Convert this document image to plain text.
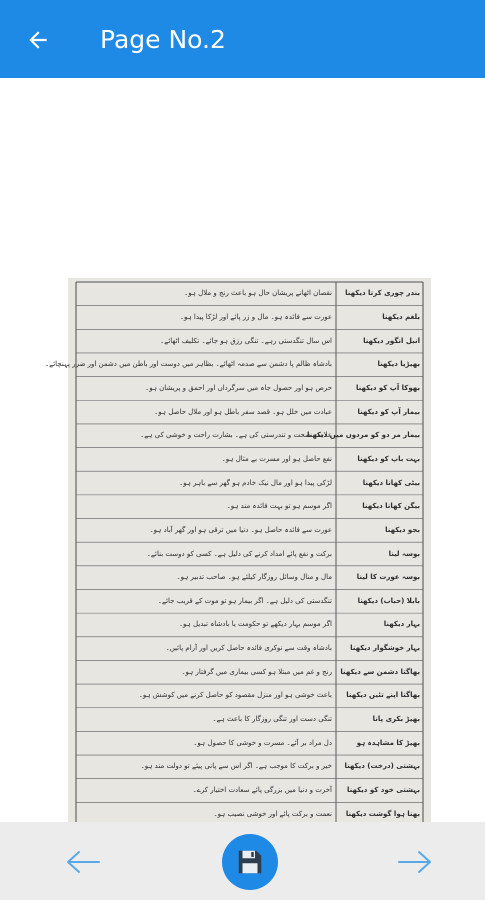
Page No.2
بندر چوری کرتا دیکھنا
نقصان اٹھانے پریشان حال ہو باعث رنج و ملال ہو۔
بلغم دیکھنا
عورت سے فائدہ ہو۔ مال و زر پائے اور لڑکا پیدا ہو۔
انبل انگور دیکھنا
اس سال تنگدستی رہے۔ تنگی رزق ہو جائے۔ تکلیف اٹھائے۔
بھیڑیا دیکھنا
بادشاہ ظالم پا دشمن سے صدمہ اٹھائے۔ بظاہر میں دوست اور باطن میں دشمن اور ضرر پہنچائے۔
بھوکا آپ کو دیکھنا
حرص ہو اور حصول جاہ میں سرگرداں اور احمق و پریشان ہو۔
بیمار آپ کو دیکھنا
عبادت میں خلل ہو۔ قصد سفر باطل ہو اور ملال حاصل ہو۔
بیمار مر دو کو مردوں میں دیکھنا
علامت صحت و تندرستی کی ہے۔ بشارت راحت و خوشی کی ہے۔
بہت باپ کو دیکھنا
نفع حاصل ہو اور مسرت بے مثال ہو۔
بیٹی کھانا دیکھنا
لڑکی پیدا ہو اور مال نیک خادم ہو گھر سے باہر ہو۔
بیگن کھانا دیکھنا
اگر موسم ہو تو بہت فائدہ مند ہو۔
بجو دیکھنا
عورت سے فائدہ حاصل ہو۔ دنیا میں ترقی ہو اور گھر آباد ہو۔
بوسہ لینا
برکت و نفع پائے امداد کرنے کی دلیل ہے۔ کسی کو دوست بنائے۔
بوسہ عورت کا لینا
مال و منال وسائل روزگار کیلئے ہو۔ صاحب تدبیر ہو۔
بابلا (حباب) دیکھنا
تنگدستی کی دلیل ہے۔ اگر بیمار ہو تو موت کے قریب جائے۔
بہار دیکھنا
اگر موسم بہار دیکھے تو حکومت یا بادشاہ تبدیل ہو۔
بہار خوشگوار دیکھنا
بادشاہ وقت سے نوکری فائدہ حاصل کریں اور آرام پائیں۔
بھاگتا دشمن سے دیکھنا
رنج و غم میں مبتلا ہو کسی بیماری میں گرفتار ہو۔
بھاگتا اپنے تئیں دیکھنا
باعث خوشی ہو اور منزل مقصود کو حاصل کرنے میں کوشش ہو۔
بھیڑ بکری پانا
تنگی دست اور تنگی روزگار کا باعث ہے۔
بھیڑ کا مشاہدہ ہو
دل مراد بر آئے۔ مسرت و خوشی کا حصول ہو۔
بہشتی (درخت) دیکھنا
خیر و برکت کا موجب ہے۔ اگر اس سے پانی پیئے تو دولت مند ہو۔
بہشتی خود کو دیکھنا
آخرت و دنیا میں بزرگی پائے سعادت اختیار کرے۔
بھنا ہوا گوشت دیکھنا
نعمت و برکت پائے اور خوشی نصیب ہو۔
